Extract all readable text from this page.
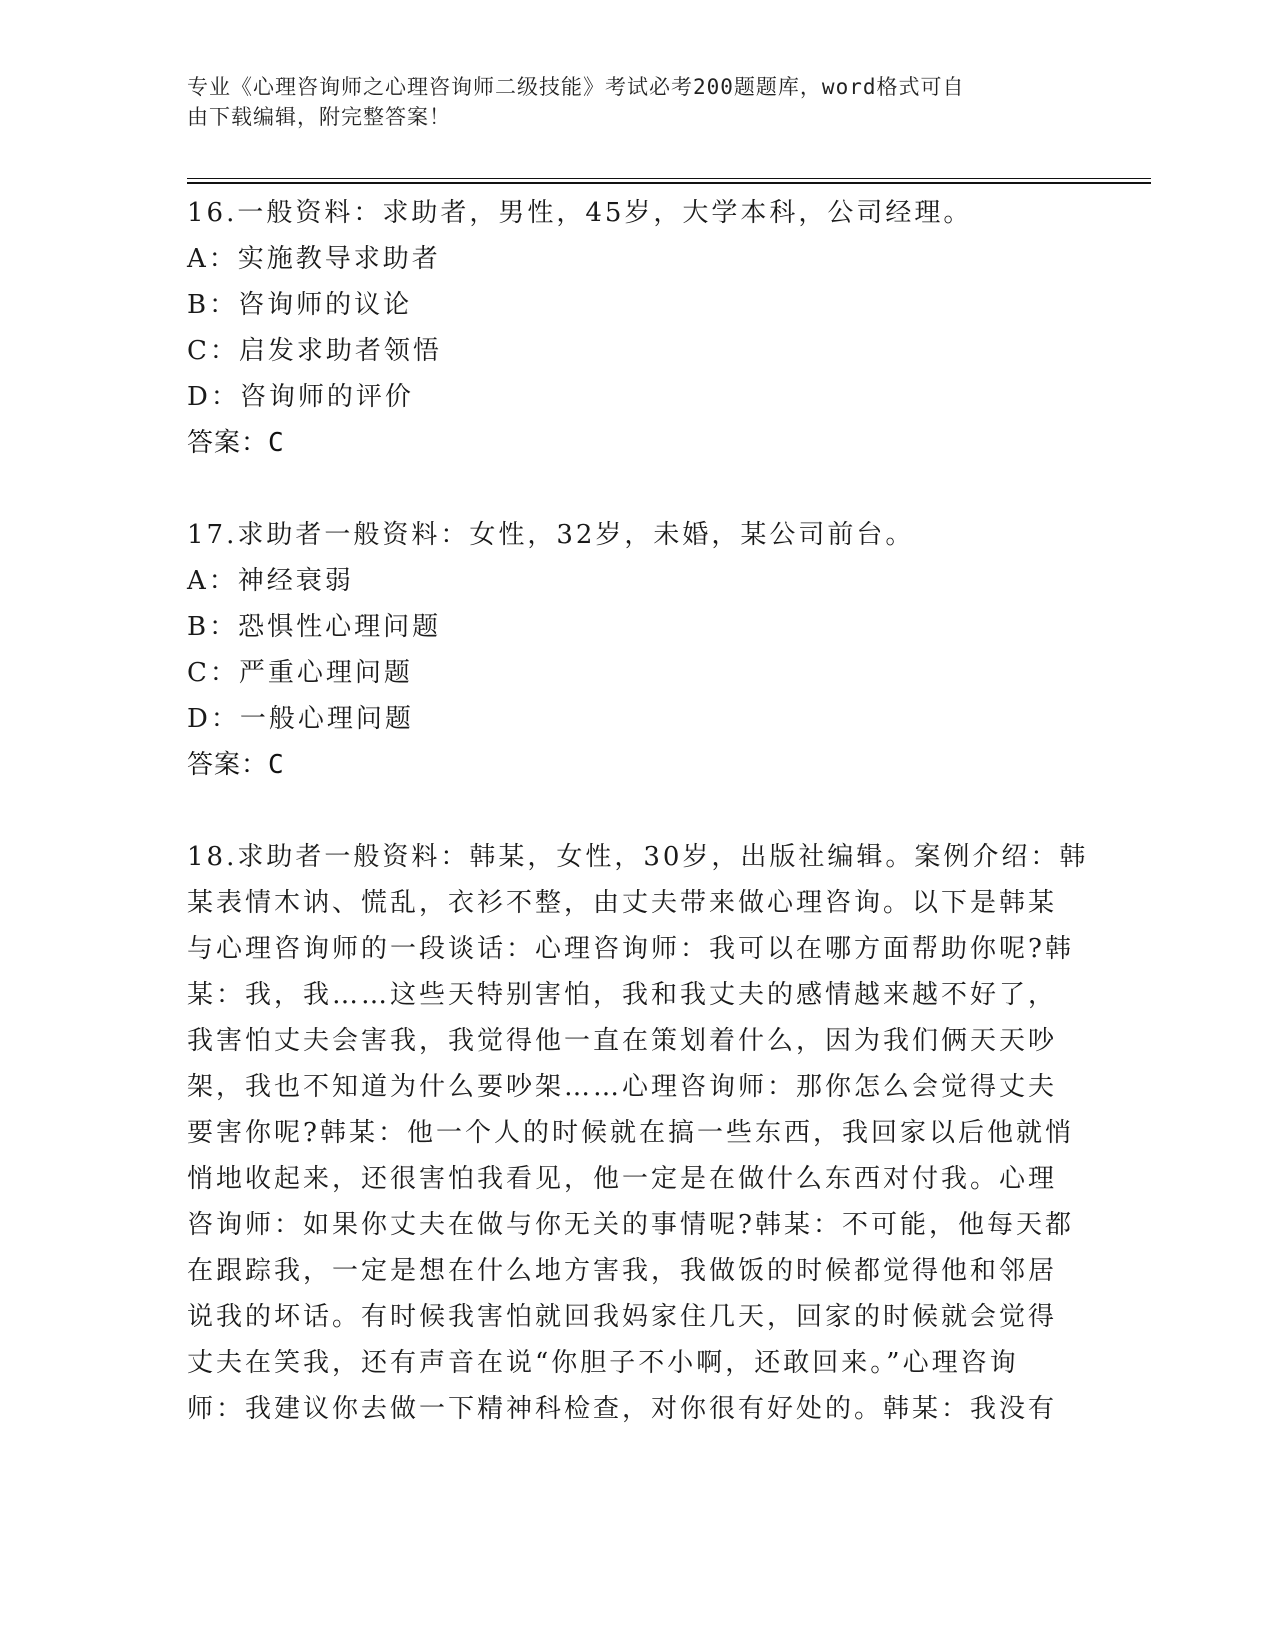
专业《心理咨询师之心理咨询师二级技能》考试必考200题题库，word格式可自
由下载编辑，附完整答案！
16.一般资料：求助者，男性，45岁，大学本科，公司经理。
A：实施教导求助者
B：咨询师的议论
C：启发求助者领悟
D：咨询师的评价
答案：C
17.求助者一般资料：女性，32岁，未婚，某公司前台。
A：神经衰弱
B：恐惧性心理问题
C：严重心理问题
D：一般心理问题
答案：C
18.求助者一般资料：韩某，女性，30岁，出版社编辑。案例介绍：韩
某表情木讷、慌乱，衣衫不整，由丈夫带来做心理咨询。以下是韩某
与心理咨询师的一段谈话：心理咨询师：我可以在哪方面帮助你呢?韩
某：我，我……这些天特别害怕，我和我丈夫的感情越来越不好了，
我害怕丈夫会害我，我觉得他一直在策划着什么，因为我们俩天天吵
架，我也不知道为什么要吵架……心理咨询师：那你怎么会觉得丈夫
要害你呢?韩某：他一个人的时候就在搞一些东西，我回家以后他就悄
悄地收起来，还很害怕我看见，他一定是在做什么东西对付我。心理
咨询师：如果你丈夫在做与你无关的事情呢?韩某：不可能，他每天都
在跟踪我，一定是想在什么地方害我，我做饭的时候都觉得他和邻居
说我的坏话。有时候我害怕就回我妈家住几天，回家的时候就会觉得
丈夫在笑我，还有声音在说“你胆子不小啊，还敢回来。”心理咨询
师：我建议你去做一下精神科检查，对你很有好处的。韩某：我没有
